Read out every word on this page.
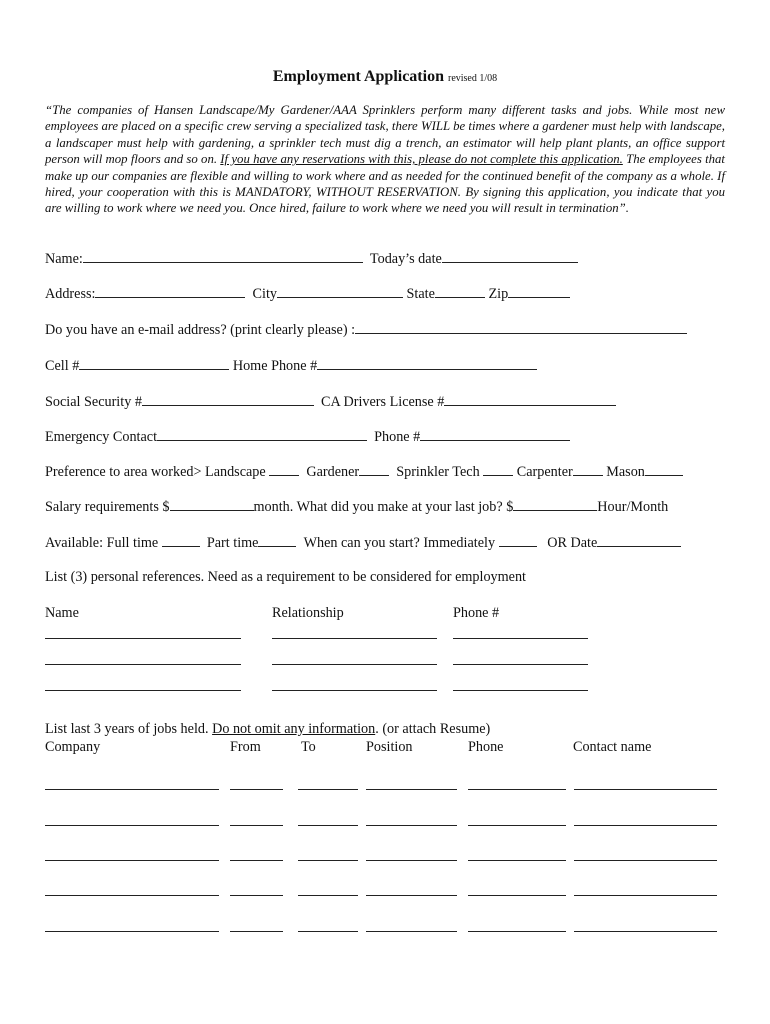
Employment Application revised 1/08
“The companies of Hansen Landscape/My Gardener/AAA Sprinklers perform many different tasks and jobs. While most new employees are placed on a specific crew serving a specialized task, there WILL be times where a gardener must help with landscape, a landscaper must help with gardening, a sprinkler tech must dig a trench, an estimator will help plant plants, an office support person will mop floors and so on. If you have any reservations with this, please do not complete this application. The employees that make up our companies are flexible and willing to work where and as needed for the continued benefit of the company as a whole. If hired, your cooperation with this is MANDATORY, WITHOUT RESERVATION. By signing this application, you indicate that you are willing to work where we need you. Once hired, failure to work where we need you will result in termination”.
Name:	Today’s date
Address:	City	State	Zip
Do you have an e-mail address? (print clearly please) :
Cell #	Home Phone #
Social Security #	CA Drivers License #
Emergency Contact	Phone #
Preference to area worked> Landscape	Gardener	Sprinkler Tech	Carpenter Mason
Salary requirements $	month. What did you make at your last job? $	Hour/Month
Available: Full time	Part time	When can you start? Immediately	OR Date
List (3) personal references. Need as a requirement to be considered for employment
Name	Relationship	Phone #
List last 3 years of jobs held. Do not omit any information. (or attach Resume)
Company	From	To	Position	Phone	Contact name
